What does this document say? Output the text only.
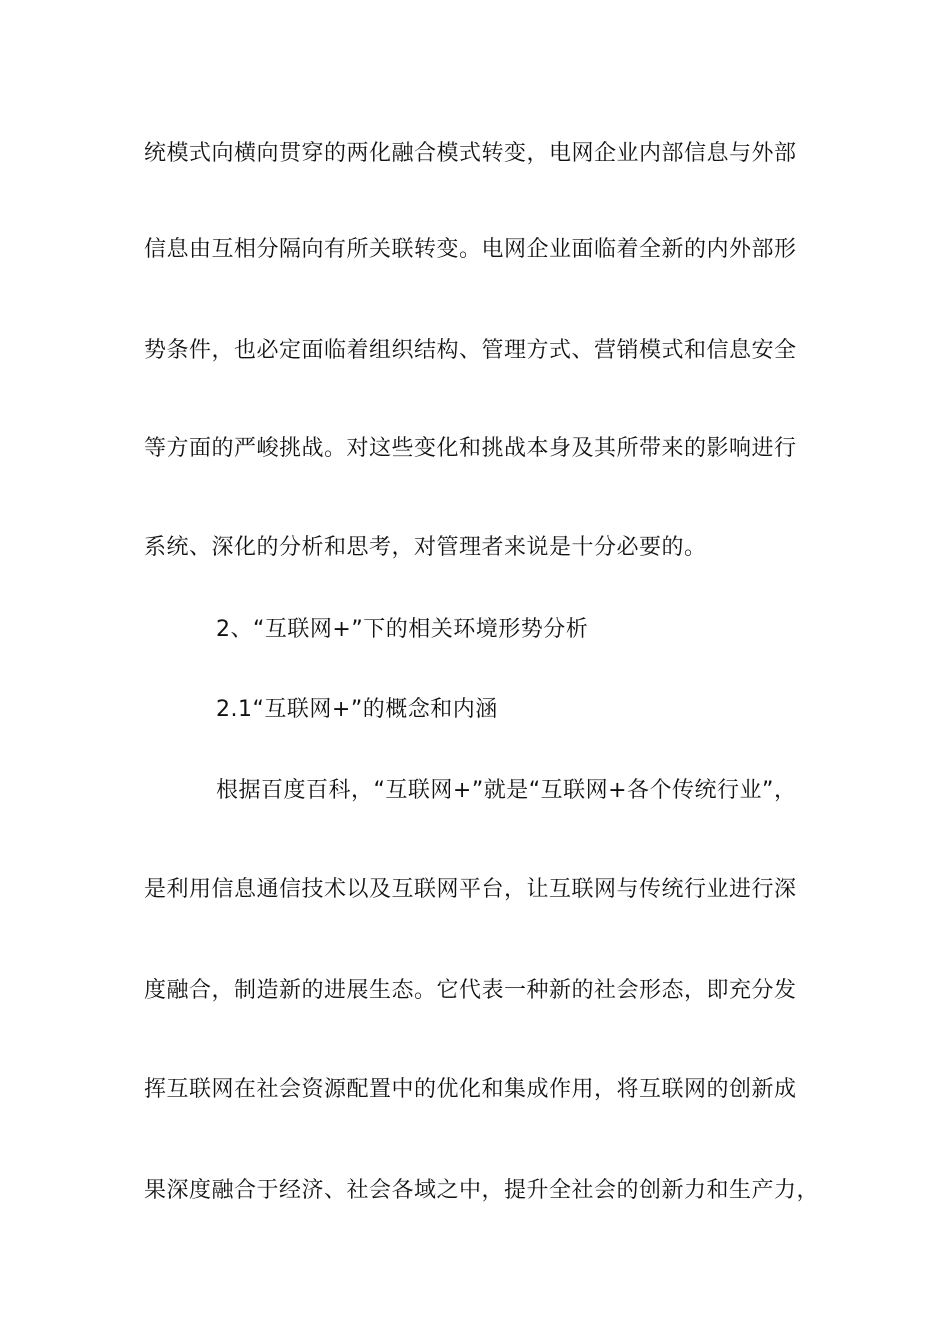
统模式向横向贯穿的两化融合模式转变，电网企业内部信息与外部
信息由互相分隔向有所关联转变。电网企业面临着全新的内外部形
势条件，也必定面临着组织结构、管理方式、营销模式和信息安全
等方面的严峻挑战。对这些变化和挑战本身及其所带来的影响进行
系统、深化的分析和思考，对管理者来说是十分必要的。
2、“互联网+”下的相关环境形势分析
2.1“互联网+”的概念和内涵
根据百度百科，“互联网+”就是“互联网+各个传统行业”，
是利用信息通信技术以及互联网平台，让互联网与传统行业进行深
度融合，制造新的进展生态。它代表一种新的社会形态，即充分发
挥互联网在社会资源配置中的优化和集成作用，将互联网的创新成
果深度融合于经济、社会各域之中，提升全社会的创新力和生产力，
